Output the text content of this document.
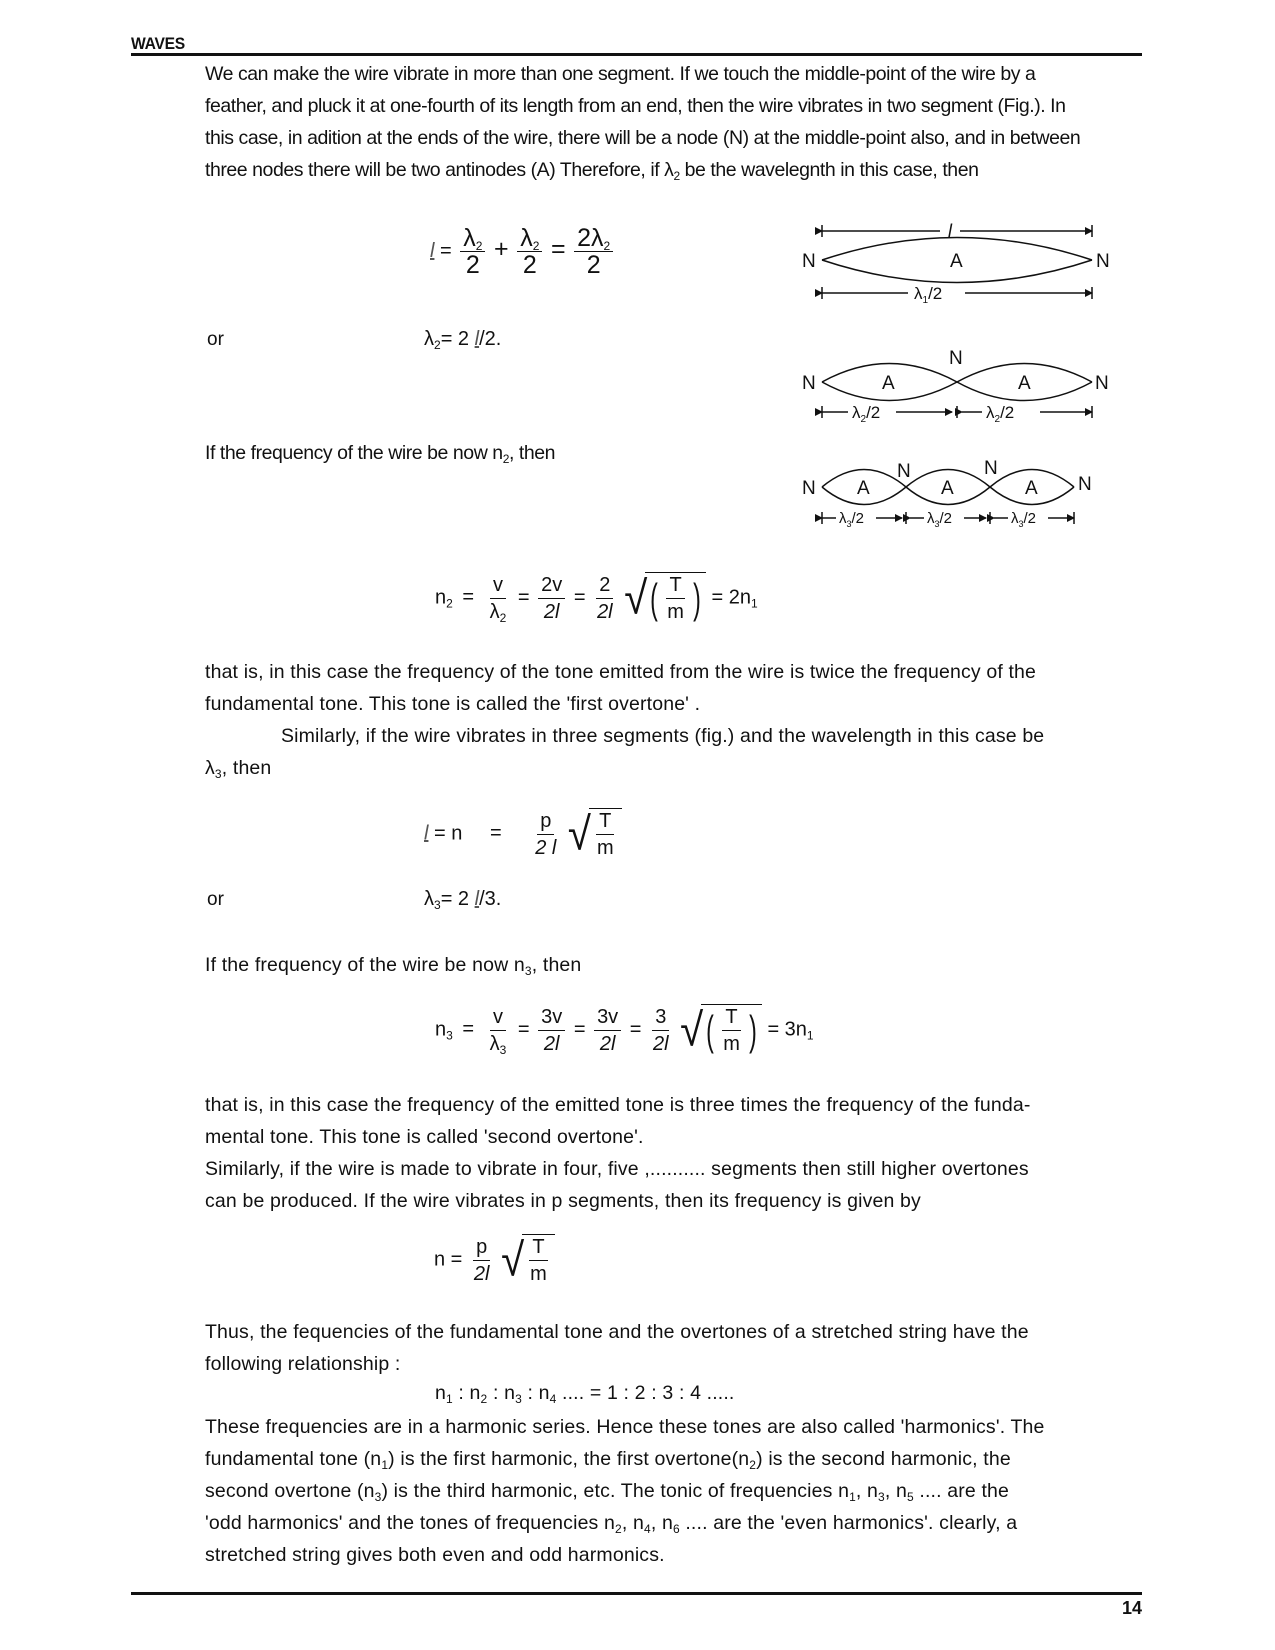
WAVES
We can make the wire vibrate in more than one segment. If we touch the middle-point of the wire by a
feather, and pluck it at one-fourth of its length from an end, then the wire vibrates in two segment (Fig.). In
this case, in adition at the ends of the wire, there will be a node (N) at the middle-point also, and in between
three nodes there will be two antinodes (A) Therefore, if $\lambda_2$ be the wavelegnth in this case, then
$l = \frac{\lambda_2}{2} + \frac{\lambda_2}{2} = \frac{2\lambda_2}{2}$
or	$\lambda_2= 2$ l/2.
If the frequency of the wire be now $n_2$, then
$n_2 = \frac{v}{\lambda_2} = \frac{2v}{2l} = \frac{2}{2l}$
√ ( $\frac{T}{m}$ ) = $2n_1$
that is, in this case the frequency of the tone emitted from the wire is twice the frequency of the
fundamental tone. This tone is called the 'first overtone' .
Similarly, if the wire vibrates in three segments (fig.) and the wavelength in this case be
$\lambda_3$, then
$l = n = \frac{p}{2 l}$
√ $\frac{T}{m}$
or	$\lambda_3= 2$ l/3.
If the frequency of the wire be now $n_3$, then
$n_3 = \frac{v}{\lambda_3} = \frac{3v}{2l} = \frac{3v}{2l} = \frac{3}{2l}$
√ ( $\frac{T}{m}$ ) = $3n_1$
that is, in this case the frequency of the emitted tone is three times the frequency of the funda-
mental tone. This tone is called 'second overtone'.
Similarly, if the wire is made to vibrate in four, five ,.......... segments then still higher overtones
can be produced. If the wire vibrates in p segments, then its frequency is given by
$n = \frac{p}{2l}$
√ $\frac{T}{m}$
Thus, the fequencies of the fundamental tone and the overtones of a stretched string have the
following relationship :
$n_1$ : $n_2$ : $n_3$ : $n_4$ .... = 1 : 2 : 3 : 4 .....
These frequencies are in a harmonic series. Hence these tones are also called 'harmonics'. The
fundamental tone $(n_1)$ is the first harmonic, the first $overtone(n_2)$ is the second harmonic, the
second overtone $(n_3)$ is the third harmonic, etc. The tonic of frequencies $n_1$, $n_3$, $n_5$ .... are the
'odd harmonics' and the tones of frequencies $n_2$, $n_4$, $n_6$ .... are the 'even harmonics'. clearly, a
stretched string gives both even and odd harmonics.
N	N
A
l
$\lambda_1/2$
N
N
N
A	A
$\lambda_2/2$	$\lambda_2/2$
N
N	N
N
A	A	A
$\lambda_3/2$	$\lambda_3/2$	$\lambda_3/2$
14
